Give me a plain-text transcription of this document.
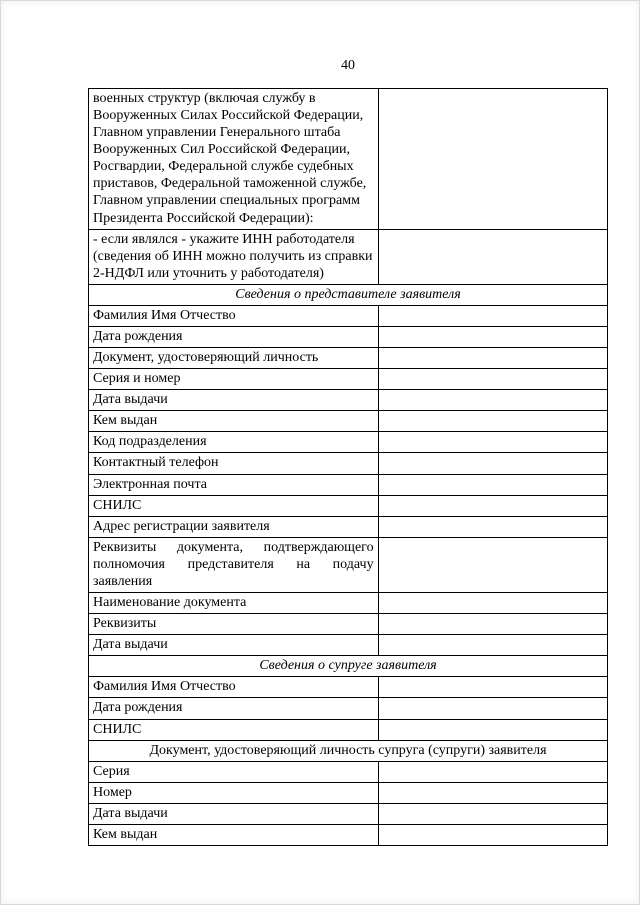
40
военных структур (включая службу в Вооруженных Силах Российской Федерации, Главном управлении Генерального штаба Вооруженных Сил Российской Федерации, Росгвардии, Федеральной службе судебных приставов, Федеральной таможенной службе, Главном управлении специальных программ Президента Российской Федерации):	
- если являлся - укажите ИНН работодателя (сведения об ИНН можно получить из справки 2-НДФЛ или уточнить у работодателя)	
Сведения о представителе заявителя	
Фамилия Имя Отчество	
Дата рождения	
Документ, удостоверяющий личность	
Серия и номер	
Дата выдачи	
Кем выдан	
Код подразделения	
Контактный телефон	
Электронная почта	
СНИЛС	
Адрес регистрации заявителя	
Реквизиты документа, подтверждающего полномочия представителя на подачу заявления	
Наименование документа	
Реквизиты	
Дата выдачи	
Сведения о супруге заявителя	
Фамилия Имя Отчество	
Дата рождения	
СНИЛС	
Документ, удостоверяющий личность супруга (супруги) заявителя	
Серия	
Номер	
Дата выдачи	
Кем выдан	
